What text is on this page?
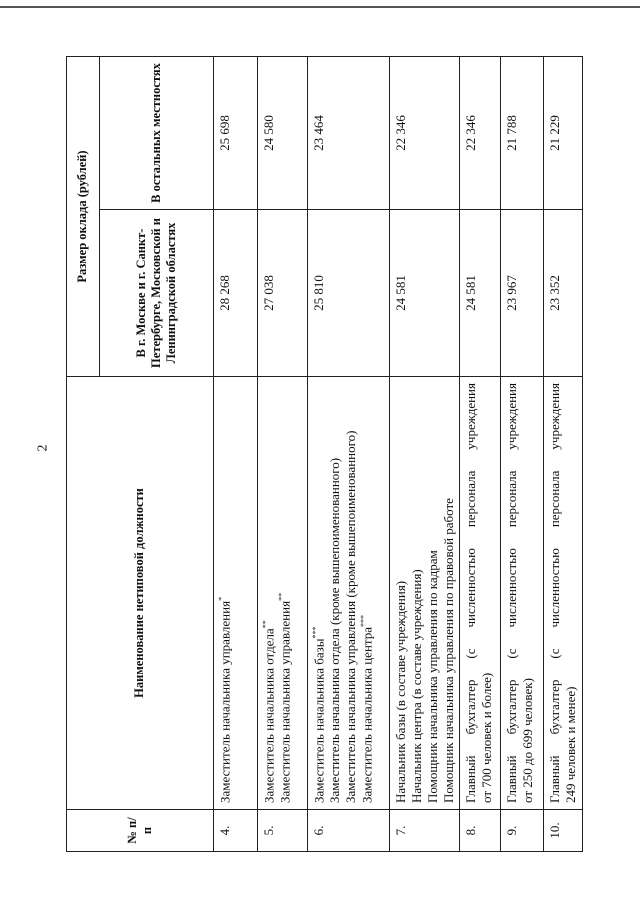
2
№ п/п	Наименование нетиповой должности	Размер оклада (рублей)	
		В г. Москве и г. Санкт-Петербурге, Московской и Ленинградской областях	В остальных местностях
4.	Заместитель начальника управления*	28 268	25 698
5.	Заместитель начальника отдела** Заместитель начальника управления**	27 038	24 580
6.	Заместитель начальника базы*** Заместитель начальника отдела (кроме вышепоименованного) Заместитель начальника управления (кроме вышепоименованного) Заместитель начальника центра***	25 810	23 464
7.	Начальник базы (в составе учреждения) Начальник центра (в составе учреждения) Помощник начальника управления по кадрам Помощник начальника управления по правовой работе	24 581	22 346
8.	Главный бухгалтер (с численностью персонала учреждения от 700 человек и более)	24 581	22 346
9.	Главный бухгалтер (с численностью персонала учреждения от 250 до 699 человек)	23 967	21 788
10.	Главный бухгалтер (с численностью персонала учреждения 249 человек и менее)	23 352	21 229
